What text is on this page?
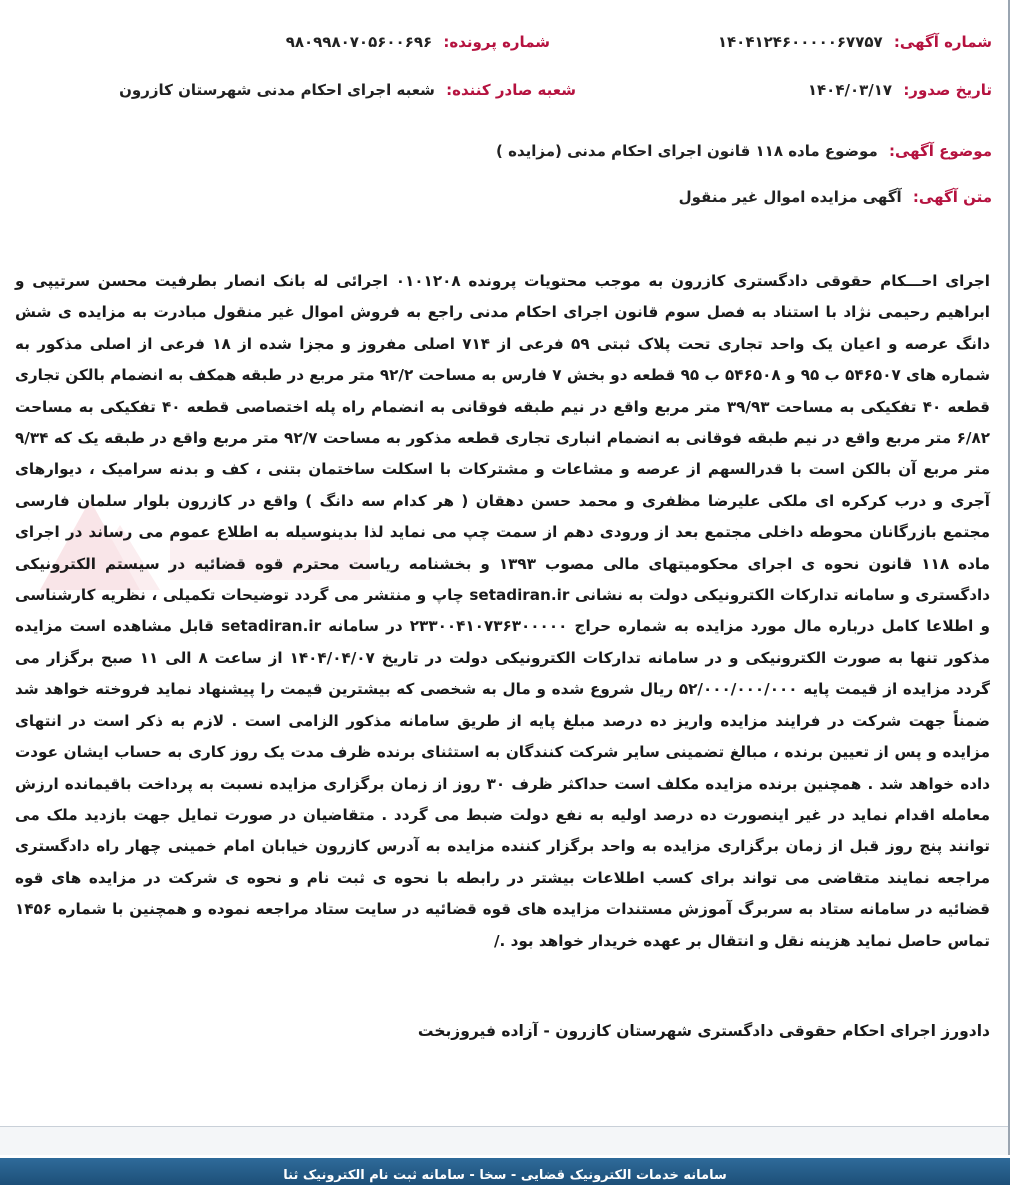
شماره آگهی: ۱۴۰۴۱۲۴۶۰۰۰۰۰۶۷۷۵۷
شماره پرونده: ۹۸۰۹۹۸۰۷۰۵۶۰۰۶۹۶
تاریخ صدور: ۱۴۰۴/۰۳/۱۷
شعبه صادر کننده: شعبه اجرای احکام مدنی شهرستان کازرون
موضوع آگهی: موضوع ماده ۱۱۸ قانون اجرای احکام مدنی (مزایده )
متن آگهی: آگهی مزایده اموال غیر منقول
اجرای احـــکام حقوقی دادگستری کازرون به موجب محتویات پرونده ۰۱۰۱۲۰۸ اجرائی له بانک انصار بطرفیت محسن سرتیپی و ابراهیم رحیمی نژاد با استناد به فصل سوم قانون اجرای احکام مدنی راجع به فروش اموال غیر منقول مبادرت به مزایده ی شش دانگ عرصه و اعیان یک واحد تجاری تحت پلاک ثبتی ۵۹ فرعی از ۷۱۴ اصلی مفروز و مجزا شده از ۱۸ فرعی از اصلی مذکور به شماره های ۵۴۶۵۰۷ ب ۹۵ و ۵۴۶۵۰۸ ب ۹۵ قطعه دو بخش ۷ فارس به مساحت ۹۲/۲ متر مربع در طبقه همکف به انضمام بالکن تجاری قطعه ۴۰ تفکیکی به مساحت ۳۹/۹۳ متر مربع واقع در نیم طبقه فوقانی به انضمام راه پله اختصاصی قطعه ۴۰ تفکیکی به مساحت ۶/۸۲ متر مربع واقع در نیم طبقه فوقانی به انضمام انباری تجاری قطعه مذکور به مساحت ۹۲/۷ متر مربع واقع در طبقه یک که ۹/۳۴ متر مربع آن بالکن است با قدرالسهم از عرصه و مشاعات و مشترکات با اسکلت ساختمان بتنی ، کف و بدنه سرامیک ، دیوارهای آجری و درب کرکره ای ملکی علیرضا مظفری و محمد حسن دهقان ( هر کدام سه دانگ ) واقع در کازرون بلوار سلمان فارسی مجتمع بازرگانان محوطه داخلی مجتمع بعد از ورودی دهم از سمت چپ می نماید لذا بدینوسیله به اطلاع عموم می رساند در اجرای ماده ۱۱۸ قانون نحوه ی اجرای محکومیتهای مالی مصوب ۱۳۹۳ و بخشنامه ریاست محترم قوه قضائیه در سیستم الکترونیکی دادگستری و سامانه تدارکات الکترونیکی دولت به نشانی setadiran.ir چاپ و منتشر می گردد توضیحات تکمیلی ، نظریه کارشناسی و اطلاعا کامل درباره مال مورد مزایده به شماره حراج ۲۳۳۰۰۴۱۰۷۳۶۳۰۰۰۰۰ در سامانه setadiran.ir قابل مشاهده است مزایده مذکور تنها به صورت الکترونیکی و در سامانه تدارکات الکترونیکی دولت در تاریخ ۱۴۰۴/۰۴/۰۷ از ساعت ۸ الی ۱۱ صبح برگزار می گردد مزایده از قیمت پایه ۵۲/۰۰۰/۰۰۰/۰۰۰ ریال شروع شده و مال به شخصی که بیشترین قیمت را پیشنهاد نماید فروخته خواهد شد ضمناً جهت شرکت در فرایند مزایده واریز ده درصد مبلغ پایه از طریق سامانه مذکور الزامی است . لازم به ذکر است در انتهای مزایده و پس از تعیین برنده ، مبالغ تضمینی سایر شرکت کنندگان به استثنای برنده ظرف مدت یک روز کاری به حساب ایشان عودت داده خواهد شد . همچنین برنده مزایده مکلف است حداکثر ظرف ۳۰ روز از زمان برگزاری مزایده نسبت به پرداخت باقیمانده ارزش معامله اقدام نماید در غیر اینصورت ده درصد اولیه به نفع دولت ضبط می گردد . متقاضیان در صورت تمایل جهت بازدید ملک می توانند پنج روز قبل از زمان برگزاری مزایده به واحد برگزار کننده مزایده به آدرس کازرون خیابان امام خمینی چهار راه دادگستری مراجعه نمایند متقاضی می تواند برای کسب اطلاعات بیشتر در رابطه با نحوه ی ثبت نام و نحوه ی شرکت در مزایده های قوه قضائیه در سامانه ستاد به سربرگ آموزش مستندات مزایده های قوه قضائیه در سایت ستاد مراجعه نموده و همچنین با شماره ۱۴۵۶ تماس حاصل نماید هزینه نقل و انتقال بر عهده خریدار خواهد بود ./
دادورز اجرای احکام حقوقی دادگستری شهرستان کازرون - آزاده فیروزبخت
سامانه خدمات الکترونیک قضایی - سخا - سامانه ثبت نام الکترونیک ثنا
